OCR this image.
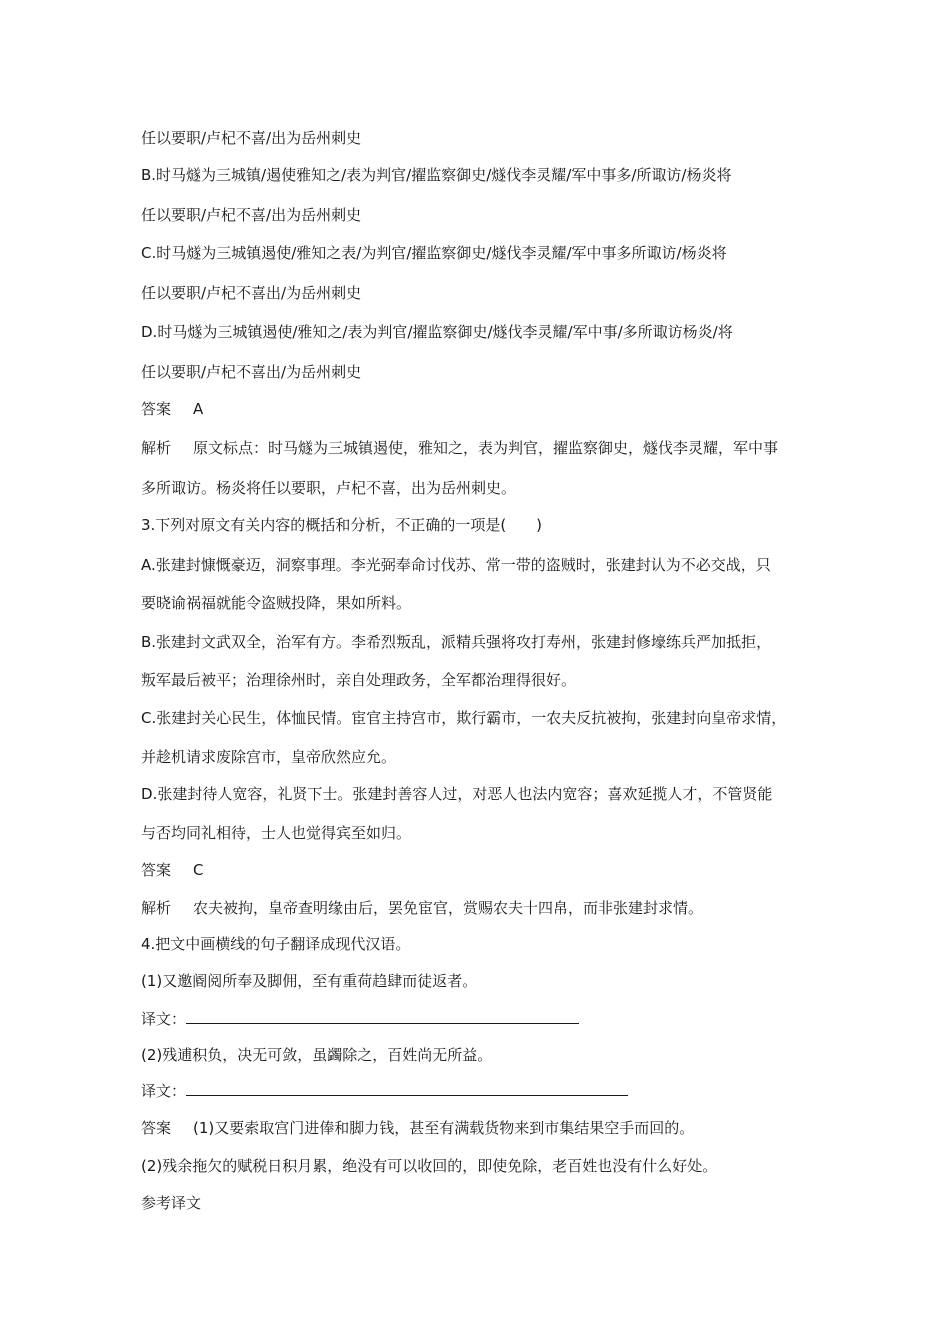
任以要职/卢杞不喜/出为岳州刺史

B.时马燧为三城镇/遏使雅知之/表为判官/擢监察御史/燧伐李灵耀/军中事多/所诹访/杨炎将

任以要职/卢杞不喜/出为岳州刺史

C.时马燧为三城镇遏使/雅知之表/为判官/擢监察御史/燧伐李灵耀/军中事多所诹访/杨炎将

任以要职/卢杞不喜出/为岳州刺史

D.时马燧为三城镇遏使/雅知之/表为判官/擢监察御史/燧伐李灵耀/军中事/多所诹访杨炎/将

任以要职/卢杞不喜出/为岳州刺史

答案 A

解析 原文标点：时马燧为三城镇遏使，雅知之，表为判官，擢监察御史，燧伐李灵耀，军中事

多所诹访。杨炎将任以要职，卢杞不喜，出为岳州刺史。

3.下列对原文有关内容的概括和分析，不正确的一项是(　　)

A.张建封慷慨豪迈，洞察事理。李光弼奉命讨伐苏、常一带的盗贼时，张建封认为不必交战，只

要晓谕祸福就能令盗贼投降，果如所料。

B.张建封文武双全，治军有方。李希烈叛乱，派精兵强将攻打寿州，张建封修壕练兵严加抵拒，

叛军最后被平；治理徐州时，亲自处理政务，全军都治理得很好。

C.张建封关心民生，体恤民情。宦官主持宫市，欺行霸市，一农夫反抗被拘，张建封向皇帝求情，

并趁机请求废除宫市，皇帝欣然应允。

D.张建封待人宽容，礼贤下士。张建封善容人过，对恶人也法内宽容；喜欢延揽人才，不管贤能

与否均同礼相待，士人也觉得宾至如归。

答案 C

解析 农夫被拘，皇帝查明缘由后，罢免宦官，赏赐农夫十四帛，而非张建封求情。

4.把文中画横线的句子翻译成现代汉语。

(1)又邀阍阅所奉及脚佣，至有重荷趋肆而徒返者。

译文：

(2)残逋积负，决无可敛，虽蠲除之，百姓尚无所益。

译文：

答案 (1)又要索取宫门进俸和脚力钱，甚至有满载货物来到市集结果空手而回的。

(2)残余拖欠的赋税日积月累，绝没有可以收回的，即使免除，老百姓也没有什么好处。

参考译文
